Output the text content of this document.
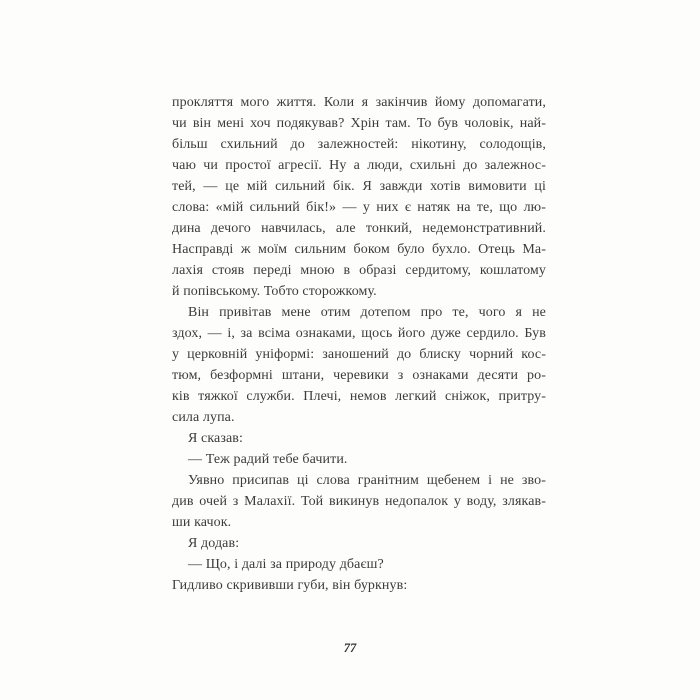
прокляття мого життя. Коли я закінчив йому допомагати,
чи він мені хоч подякував? Хрін там. То був чоловік, най-
більш схильний до залежностей: нікотину, солодощів,
чаю чи простої агресії. Ну а люди, схильні до залежнос-
тей, — це мій сильний бік. Я завжди хотів вимовити ці
слова: «мій сильний бік!» — у них є натяк на те, що лю-
дина дечого навчилась, але тонкий, недемонстративний.
Насправді ж моїм сильним боком було бухло. Отець Ма-
лахія стояв переді мною в образі сердитому, кошлатому
й попівському. Тобто сторожкому.
Він привітав мене отим дотепом про те, чого я не
здох, — і, за всіма ознаками, щось його дуже сердило. Був
у церковній уніформі: заношений до блиску чорний кос-
тюм, безформні штани, черевики з ознаками десяти ро-
ків тяжкої служби. Плечі, немов легкий сніжок, притру-
сила лупа.
Я сказав:
— Теж радий тебе бачити.
Уявно присипав ці слова гранітним щебенем і не зво-
див очей з Малахії. Той викинув недопалок у воду, злякав-
ши качок.
Я додав:
— Що, і далі за природу дбаєш?
Гидливо скрививши губи, він буркнув:
77
